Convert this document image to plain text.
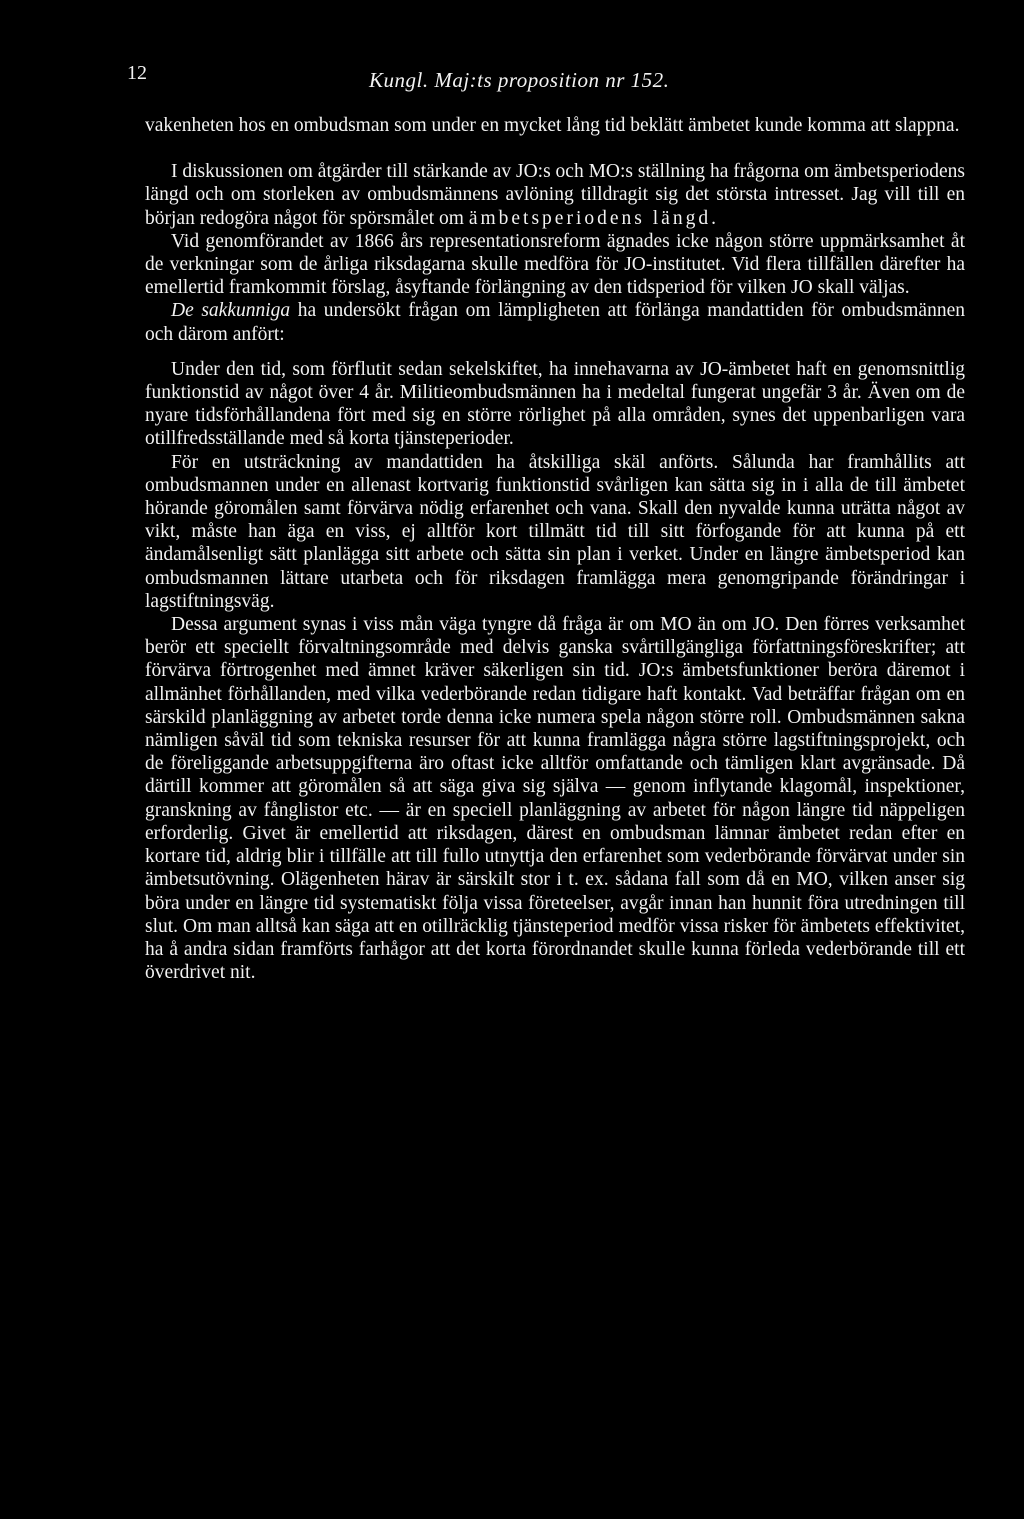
12	Kungl. Maj:ts proposition nr 152.

vakenheten hos en ombudsman som under en mycket lång tid beklätt ämbetet kunde komma att slappna.

I diskussionen om åtgärder till stärkande av JO:s och MO:s ställning ha frågorna om ämbetsperiodens längd och om storleken av ombudsmännens avlöning tilldragit sig det största intresset. Jag vill till en början redogöra något för spörsmålet om ämbetsperiodens längd.

Vid genomförandet av 1866 års representationsreform ägnades icke någon större uppmärksamhet åt de verkningar som de årliga riksdagarna skulle medföra för JO-institutet. Vid flera tillfällen därefter ha emellertid framkommit förslag, åsyftande förlängning av den tidsperiod för vilken JO skall väljas.

De sakkunniga ha undersökt frågan om lämpligheten att förlänga mandattiden för ombudsmännen och därom anfört:

Under den tid, som förflutit sedan sekelskiftet, ha innehavarna av JO-ämbetet haft en genomsnittlig funktionstid av något över 4 år. Militieombudsmännen ha i medeltal fungerat ungefär 3 år. Även om de nyare tidsförhållandena fört med sig en större rörlighet på alla områden, synes det uppenbarligen vara otillfredsställande med så korta tjänsteperioder.

För en utsträckning av mandattiden ha åtskilliga skäl anförts. Sålunda har framhållits att ombudsmannen under en allenast kortvarig funktionstid svårligen kan sätta sig in i alla de till ämbetet hörande göromålen samt förvärva nödig erfarenhet och vana. Skall den nyvalde kunna uträtta något av vikt, måste han äga en viss, ej alltför kort tillmätt tid till sitt förfogande för att kunna på ett ändamålsenligt sätt planlägga sitt arbete och sätta sin plan i verket. Under en längre ämbetsperiod kan ombudsmannen lättare utarbeta och för riksdagen framlägga mera genomgripande förändringar i lagstiftningsväg.

Dessa argument synas i viss mån väga tyngre då fråga är om MO än om JO. Den förres verksamhet berör ett speciellt förvaltningsområde med delvis ganska svårtillgängliga författningsföreskrifter; att förvärva förtrogenhet med ämnet kräver säkerligen sin tid. JO:s ämbetsfunktioner beröra däremot i allmänhet förhållanden, med vilka vederbörande redan tidigare haft kontakt. Vad beträffar frågan om en särskild planläggning av arbetet torde denna icke numera spela någon större roll. Ombudsmännen sakna nämligen såväl tid som tekniska resurser för att kunna framlägga några större lagstiftningsprojekt, och de föreliggande arbetsuppgifterna äro oftast icke alltför omfattande och tämligen klart avgränsade. Då därtill kommer att göromålen så att säga giva sig själva — genom inflytande klagomål, inspektioner, granskning av fånglistor etc. — är en speciell planläggning av arbetet för någon längre tid näppeligen erforderlig. Givet är emellertid att riksdagen, därest en ombudsman lämnar ämbetet redan efter en kortare tid, aldrig blir i tillfälle att till fullo utnyttja den erfarenhet som vederbörande förvärvat under sin ämbetsutövning. Olägenheten härav är särskilt stor i t. ex. sådana fall som då en MO, vilken anser sig böra under en längre tid systematiskt följa vissa företeelser, avgår innan han hunnit föra utredningen till slut. Om man alltså kan säga att en otillräcklig tjänsteperiod medför vissa risker för ämbetets effektivitet, ha å andra sidan framförts farhågor att det korta förordnandet skulle kunna förleda vederbörande till ett överdrivet nit.
